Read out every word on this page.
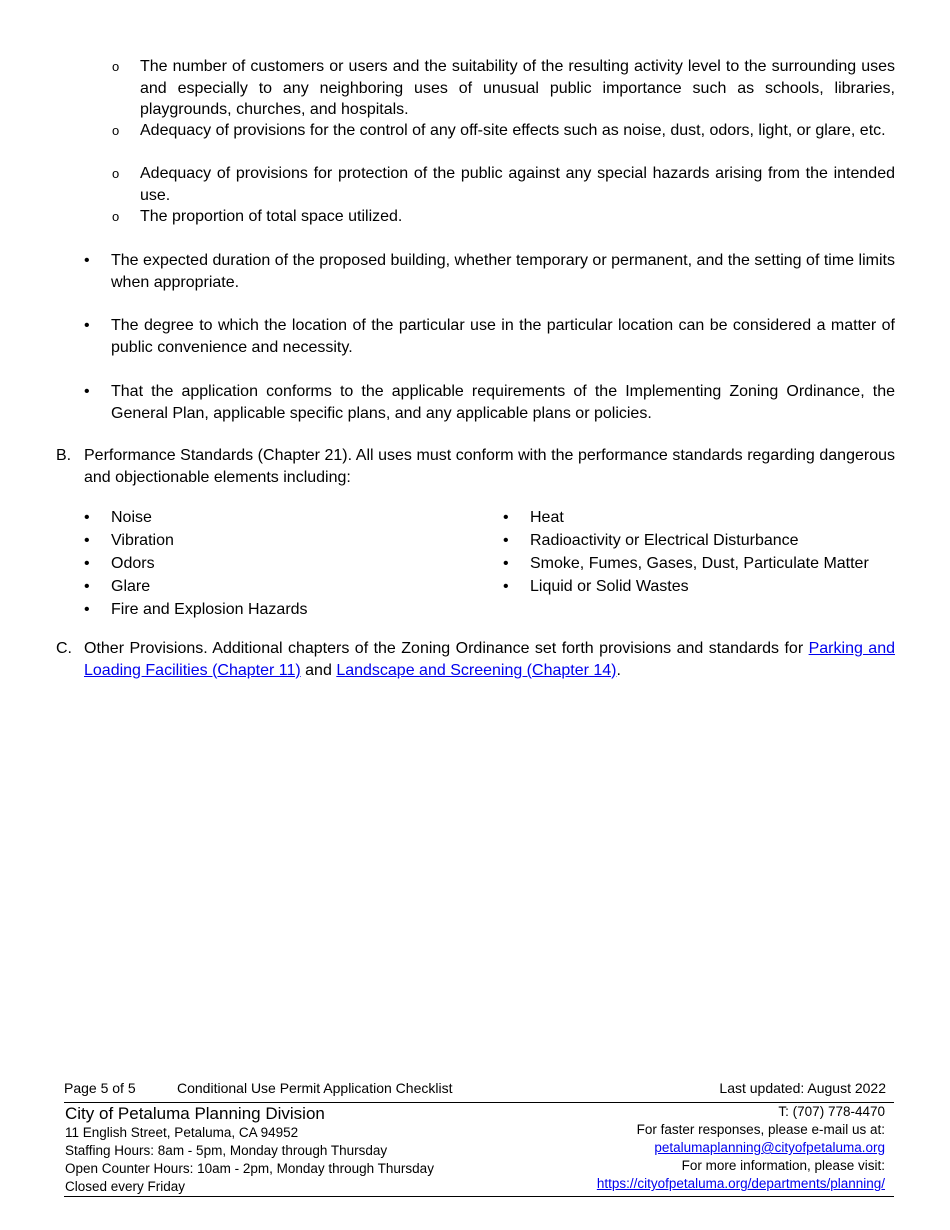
o	The number of customers or users and the suitability of the resulting activity level to the surrounding uses and especially to any neighboring uses of unusual public importance such as schools, libraries, playgrounds, churches, and hospitals.
o	Adequacy of provisions for the control of any off-site effects such as noise, dust, odors, light, or glare, etc.
o	Adequacy of provisions for protection of the public against any special hazards arising from the intended use.
o	The proportion of total space utilized.
•	The expected duration of the proposed building, whether temporary or permanent, and the setting of time limits when appropriate.
•	The degree to which the location of the particular use in the particular location can be considered a matter of public convenience and necessity.
•	That the application conforms to the applicable requirements of the Implementing Zoning Ordinance, the General Plan, applicable specific plans, and any applicable plans or policies.
B. Performance Standards (Chapter 21). All uses must conform with the performance standards regarding dangerous and objectionable elements including:
• Noise
• Vibration
• Odors
• Glare
• Fire and Explosion Hazards
• Heat
• Radioactivity or Electrical Disturbance
• Smoke, Fumes, Gases, Dust, Particulate Matter
• Liquid or Solid Wastes
C. Other Provisions. Additional chapters of the Zoning Ordinance set forth provisions and standards for Parking and Loading Facilities (Chapter 11) and Landscape and Screening (Chapter 14).
Page 5 of 5	Conditional Use Permit Application Checklist	Last updated: August 2022
City of Petaluma Planning Division
11 English Street, Petaluma, CA 94952
Staffing Hours: 8am - 5pm, Monday through Thursday
Open Counter Hours: 10am - 2pm, Monday through Thursday
Closed every Friday
T: (707) 778-4470
For faster responses, please e-mail us at:
petalumaplanning@cityofpetaluma.org
For more information, please visit:
https://cityofpetaluma.org/departments/planning/
